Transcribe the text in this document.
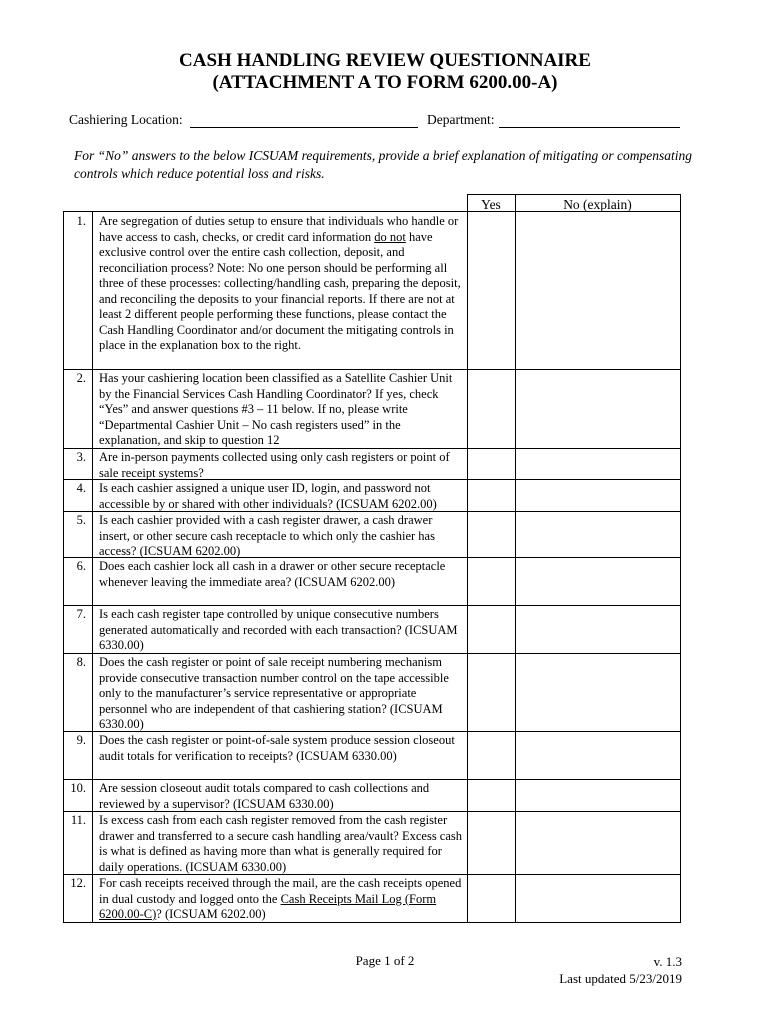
CASH HANDLING REVIEW QUESTIONNAIRE
(ATTACHMENT A TO FORM 6200.00-A)
Cashiering Location:	Department:
For “No” answers to the below ICSUAM requirements, provide a brief explanation of mitigating or compensating controls which reduce potential loss and risks.
Yes	No (explain)
1. Are segregation of duties setup to ensure that individuals who handle or have access to cash, checks, or credit card information do not have exclusive control over the entire cash collection, deposit, and reconciliation process? Note: No one person should be performing all three of these processes: collecting/handling cash, preparing the deposit, and reconciling the deposits to your financial reports. If there are not at least 2 different people performing these functions, please contact the Cash Handling Coordinator and/or document the mitigating controls in place in the explanation box to the right.
2. Has your cashiering location been classified as a Satellite Cashier Unit by the Financial Services Cash Handling Coordinator? If yes, check “Yes” and answer questions #3 – 11 below. If no, please write “Departmental Cashier Unit – No cash registers used” in the explanation, and skip to question 12
3. Are in-person payments collected using only cash registers or point of sale receipt systems?
4. Is each cashier assigned a unique user ID, login, and password not accessible by or shared with other individuals? (ICSUAM 6202.00)
5. Is each cashier provided with a cash register drawer, a cash drawer insert, or other secure cash receptacle to which only the cashier has access? (ICSUAM 6202.00)
6. Does each cashier lock all cash in a drawer or other secure receptacle whenever leaving the immediate area? (ICSUAM 6202.00)
7. Is each cash register tape controlled by unique consecutive numbers generated automatically and recorded with each transaction? (ICSUAM 6330.00)
8. Does the cash register or point of sale receipt numbering mechanism provide consecutive transaction number control on the tape accessible only to the manufacturer’s service representative or appropriate personnel who are independent of that cashiering station? (ICSUAM 6330.00)
9. Does the cash register or point-of-sale system produce session closeout audit totals for verification to receipts? (ICSUAM 6330.00)
10. Are session closeout audit totals compared to cash collections and reviewed by a supervisor? (ICSUAM 6330.00)
11. Is excess cash from each cash register removed from the cash register drawer and transferred to a secure cash handling area/vault? Excess cash is what is defined as having more than what is generally required for daily operations. (ICSUAM 6330.00)
12. For cash receipts received through the mail, are the cash receipts opened in dual custody and logged onto the Cash Receipts Mail Log (Form 6200.00-C)? (ICSUAM 6202.00)
Page 1 of 2	v. 1.3
Last updated 5/23/2019
